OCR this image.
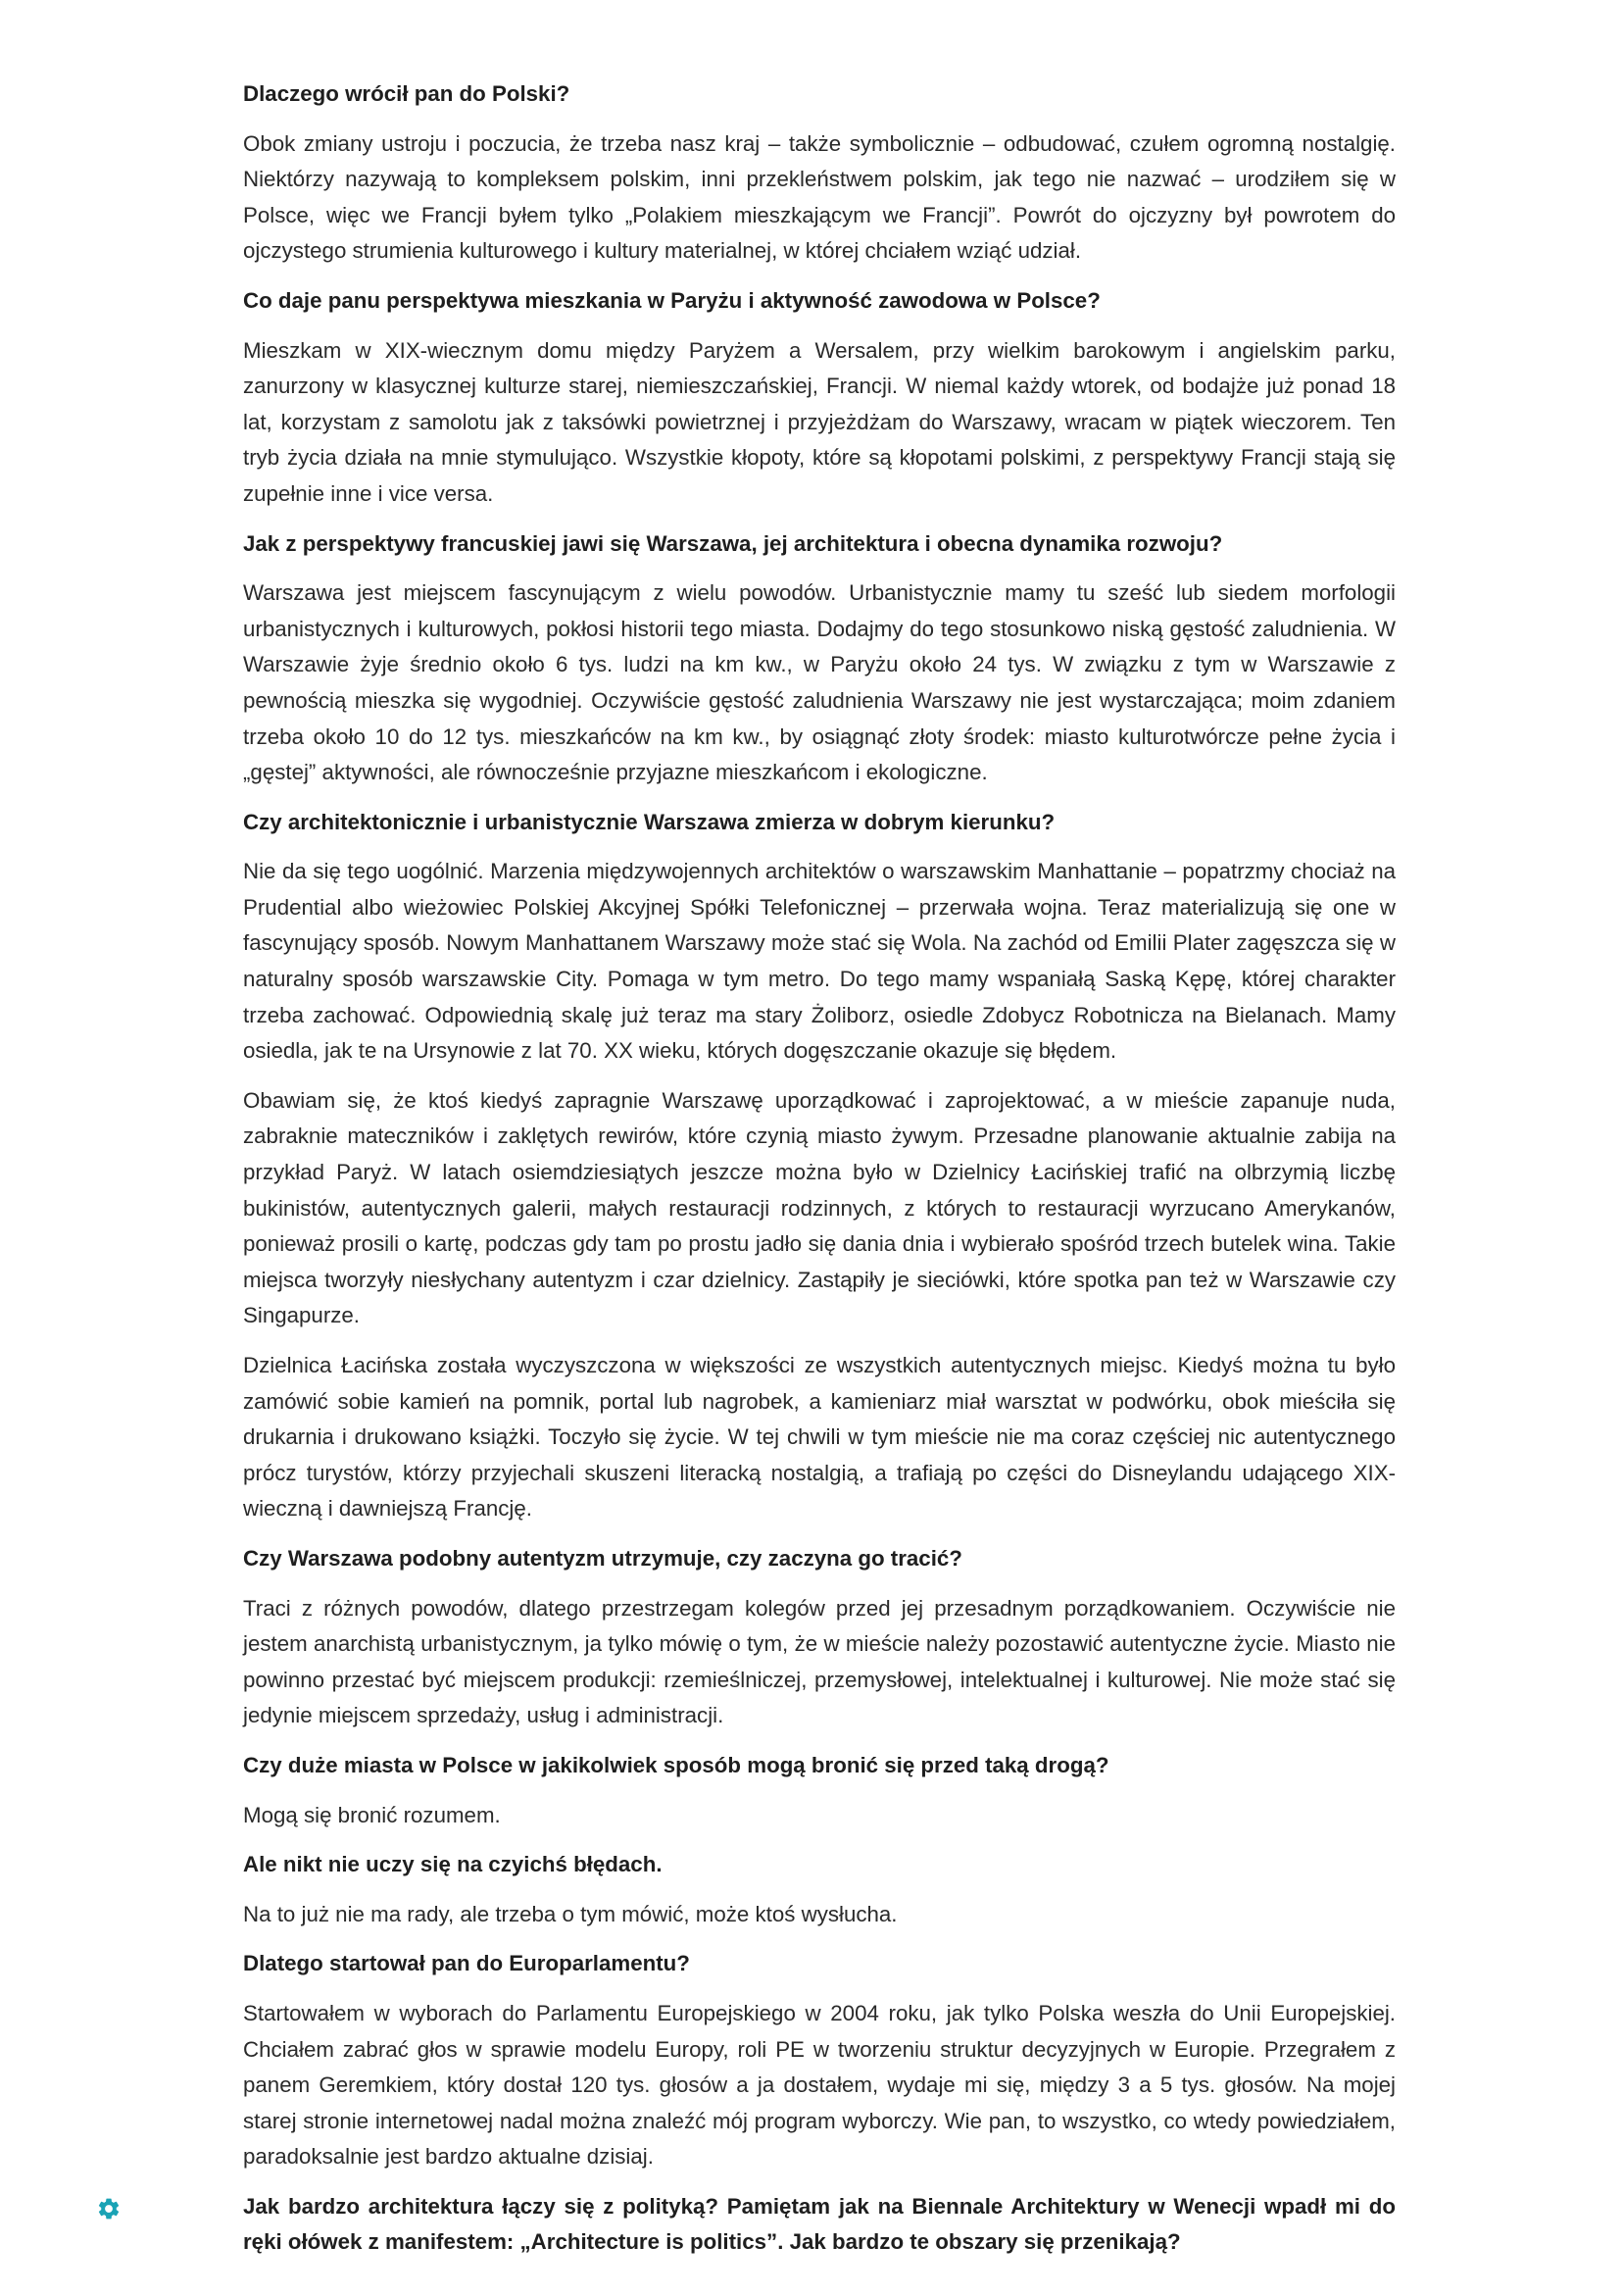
Dlaczego wrócił pan do Polski?

Obok zmiany ustroju i poczucia, że trzeba nasz kraj – także symbolicznie – odbudować, czułem ogromną nostalgię. Niektórzy nazywają to kompleksem polskim, inni przekleństwem polskim, jak tego nie nazwać – urodziłem się w Polsce, więc we Francji byłem tylko „Polakiem mieszkającym we Francji”. Powrót do ojczyzny był powrotem do ojczystego strumienia kulturowego i kultury materialnej, w której chciałem wziąć udział.

Co daje panu perspektywa mieszkania w Paryżu i aktywność zawodowa w Polsce?

Mieszkam w XIX-wiecznym domu między Paryżem a Wersalem, przy wielkim barokowym i angielskim parku, zanurzony w klasycznej kulturze starej, niemieszczańskiej, Francji. W niemal każdy wtorek, od bodajże już ponad 18 lat, korzystam z samolotu jak z taksówki powietrznej i przyjeżdżam do Warszawy, wracam w piątek wieczorem. Ten tryb życia działa na mnie stymulująco. Wszystkie kłopoty, które są kłopotami polskimi, z perspektywy Francji stają się zupełnie inne i vice versa.

Jak z perspektywy francuskiej jawi się Warszawa, jej architektura i obecna dynamika rozwoju?

Warszawa jest miejscem fascynującym z wielu powodów. Urbanistycznie mamy tu sześć lub siedem morfologii urbanistycznych i kulturowych, pokłosi historii tego miasta. Dodajmy do tego stosunkowo niską gęstość zaludnienia. W Warszawie żyje średnio około 6 tys. ludzi na km kw., w Paryżu około 24 tys. W związku z tym w Warszawie z pewnością mieszka się wygodniej. Oczywiście gęstość zaludnienia Warszawy nie jest wystarczająca; moim zdaniem trzeba około 10 do 12 tys. mieszkańców na km kw., by osiągnąć złoty środek: miasto kulturotwórcze pełne życia i „gęstej” aktywności, ale równocześnie przyjazne mieszkańcom i ekologiczne.

Czy architektonicznie i urbanistycznie Warszawa zmierza w dobrym kierunku?

Nie da się tego uogólnić. Marzenia międzywojennych architektów o warszawskim Manhattanie – popatrzmy chociaż na Prudential albo wieżowiec Polskiej Akcyjnej Spółki Telefonicznej – przerwała wojna. Teraz materializują się one w fascynujący sposób. Nowym Manhattanem Warszawy może stać się Wola. Na zachód od Emilii Plater zagęszcza się w naturalny sposób warszawskie City. Pomaga w tym metro. Do tego mamy wspaniałą Saską Kępę, której charakter trzeba zachować. Odpowiednią skalę już teraz ma stary Żoliborz, osiedle Zdobycz Robotnicza na Bielanach. Mamy osiedla, jak te na Ursynowie z lat 70. XX wieku, których dogęszczanie okazuje się błędem.

Obawiam się, że ktoś kiedyś zapragnie Warszawę uporządkować i zaprojektować, a w mieście zapanuje nuda, zabraknie mateczników i zaklętych rewirów, które czynią miasto żywym. Przesadne planowanie aktualnie zabija na przykład Paryż. W latach osiemdziesiątych jeszcze można było w Dzielnicy Łacińskiej trafić na olbrzymią liczbę bukinistów, autentycznych galerii, małych restauracji rodzinnych, z których to restauracji wyrzucano Amerykanów, ponieważ prosili o kartę, podczas gdy tam po prostu jadło się dania dnia i wybierało spośród trzech butelek wina. Takie miejsca tworzyły niesłychany autentyzm i czar dzielnicy. Zastąpiły je sieciówki, które spotka pan też w Warszawie czy Singapurze.

Dzielnica Łacińska została wyczyszczona w większości ze wszystkich autentycznych miejsc. Kiedyś można tu było zamówić sobie kamień na pomnik, portal lub nagrobek, a kamieniarz miał warsztat w podwórku, obok mieściła się drukarnia i drukowano książki. Toczyło się życie. W tej chwili w tym mieście nie ma coraz częściej nic autentycznego prócz turystów, którzy przyjechali skuszeni literacką nostalgią, a trafiają po części do Disneylandu udającego XIX-wieczną i dawniejszą Francję.

Czy Warszawa podobny autentyzm utrzymuje, czy zaczyna go tracić?

Traci z różnych powodów, dlatego przestrzegam kolegów przed jej przesadnym porządkowaniem. Oczywiście nie jestem anarchistą urbanistycznym, ja tylko mówię o tym, że w mieście należy pozostawić autentyczne życie. Miasto nie powinno przestać być miejscem produkcji: rzemieślniczej, przemysłowej, intelektualnej i kulturowej. Nie może stać się jedynie miejscem sprzedaży, usług i administracji.

Czy duże miasta w Polsce w jakikolwiek sposób mogą bronić się przed taką drogą?

Mogą się bronić rozumem.

Ale nikt nie uczy się na czyichś błędach.

Na to już nie ma rady, ale trzeba o tym mówić, może ktoś wysłucha.

Dlatego startował pan do Europarlamentu?

Startowałem w wyborach do Parlamentu Europejskiego w 2004 roku, jak tylko Polska weszła do Unii Europejskiej. Chciałem zabrać głos w sprawie modelu Europy, roli PE w tworzeniu struktur decyzyjnych w Europie. Przegrałem z panem Geremkiem, który dostał 120 tys. głosów a ja dostałem, wydaje mi się, między 3 a 5 tys. głosów. Na mojej starej stronie internetowej nadal można znaleźć mój program wyborczy. Wie pan, to wszystko, co wtedy powiedziałem, paradoksalnie jest bardzo aktualne dzisiaj.

Jak bardzo architektura łączy się z polityką? Pamiętam jak na Biennale Architektury w Wenecji wpadł mi do ręki ołówek z manifestem: „Architecture is politics”. Jak bardzo te obszary się przenikają?
